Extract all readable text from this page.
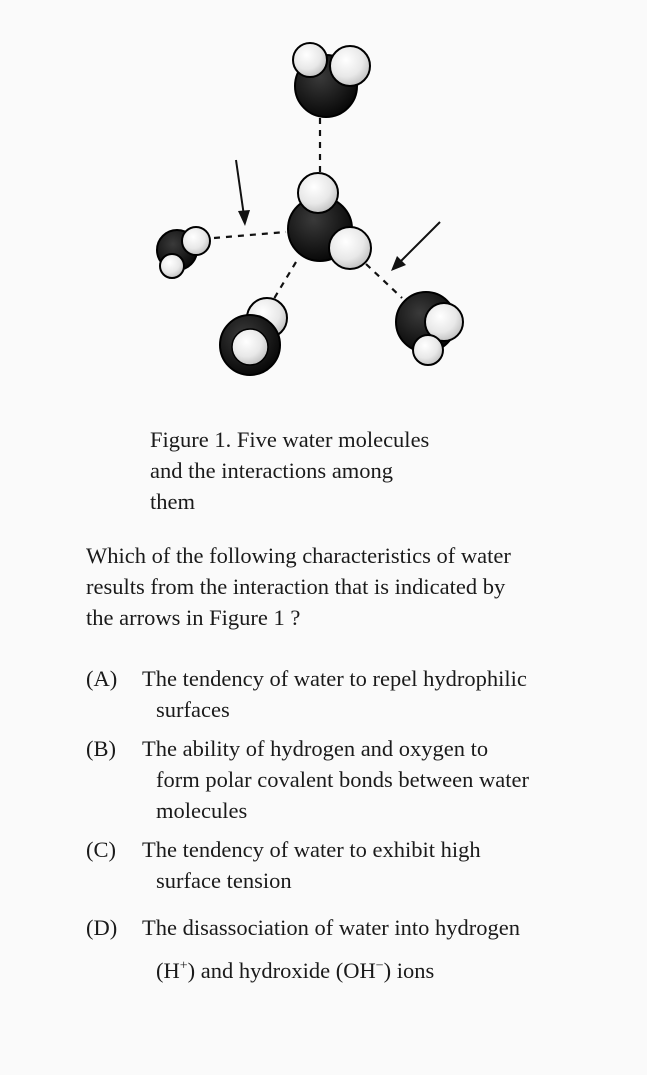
Figure 1. Five water molecules
and the interactions among
them
Which of the following characteristics of water
results from the interaction that is indicated by
the arrows in Figure 1 ?
(A) The tendency of water to repel hydrophilic
surfaces
(B) The ability of hydrogen and oxygen to
form polar covalent bonds between water
molecules
(C) The tendency of water to exhibit high
surface tension
(D) The disassociation of water into hydrogen
(H+) and hydroxide (OH−) ions
